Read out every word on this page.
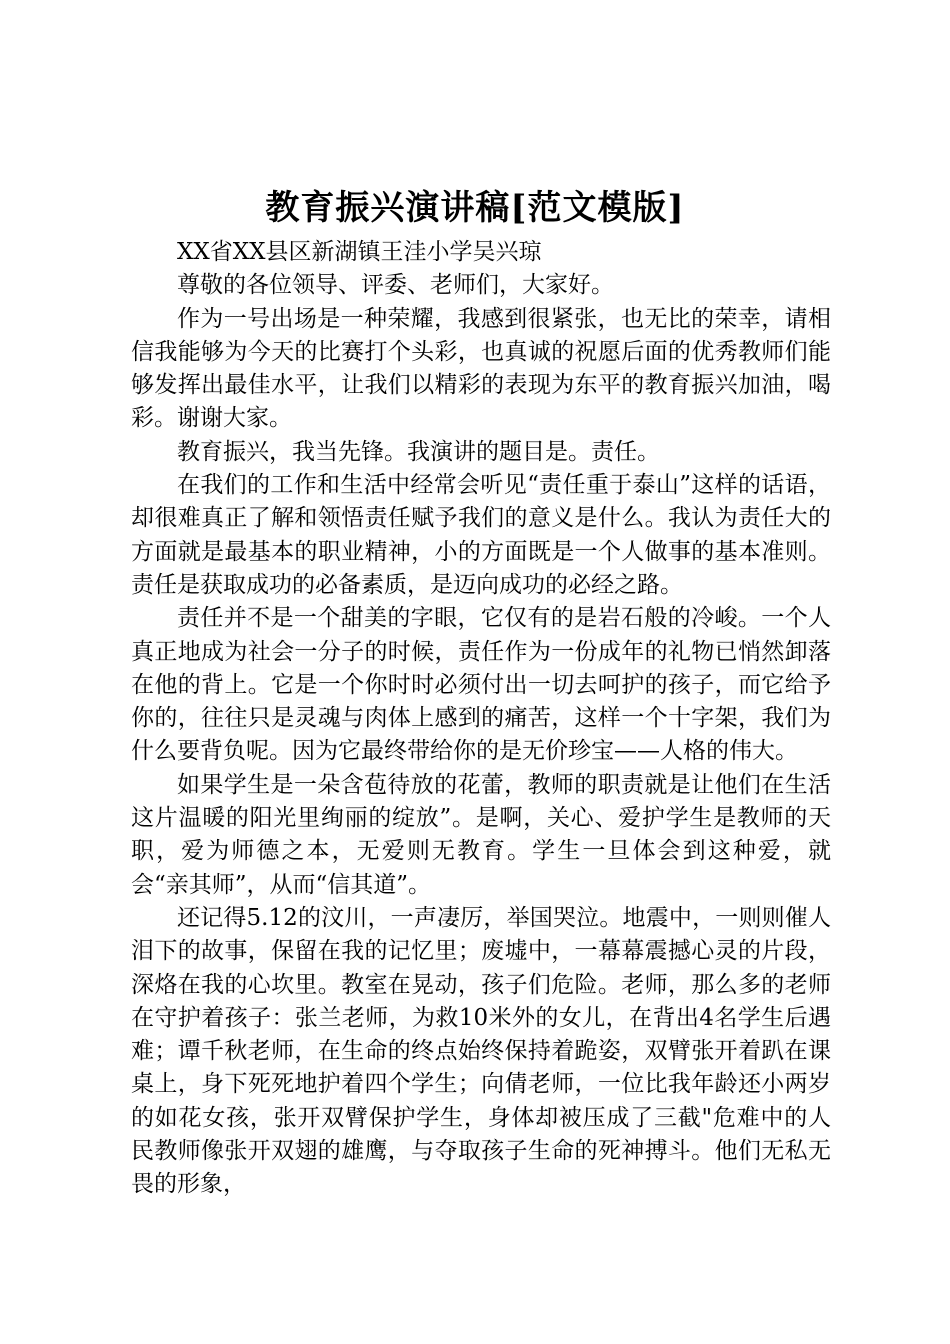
教育振兴演讲稿[范文模版]

XX省XX县区新湖镇王洼小学吴兴琼

尊敬的各位领导、评委、老师们，大家好。

作为一号出场是一种荣耀，我感到很紧张，也无比的荣幸，请相信我能够为今天的比赛打个头彩，也真诚的祝愿后面的优秀教师们能够发挥出最佳水平，让我们以精彩的表现为东平的教育振兴加油，喝彩。谢谢大家。

教育振兴，我当先锋。我演讲的题目是。责任。

在我们的工作和生活中经常会听见“责任重于泰山”这样的话语，却很难真正了解和领悟责任赋予我们的意义是什么。我认为责任大的方面就是最基本的职业精神，小的方面既是一个人做事的基本准则。责任是获取成功的必备素质，是迈向成功的必经之路。

责任并不是一个甜美的字眼，它仅有的是岩石般的冷峻。一个人真正地成为社会一分子的时候，责任作为一份成年的礼物已悄然卸落在他的背上。它是一个你时时必须付出一切去呵护的孩子，而它给予你的，往往只是灵魂与肉体上感到的痛苦，这样一个十字架，我们为什么要背负呢。因为它最终带给你的是无价珍宝——人格的伟大。

如果学生是一朵含苞待放的花蕾，教师的职责就是让他们在生活这片温暖的阳光里绚丽的绽放”。是啊，关心、爱护学生是教师的天职，爱为师德之本，无爱则无教育。学生一旦体会到这种爱，就会“亲其师”，从而“信其道”。

还记得5.12的汶川，一声凄厉，举国哭泣。地震中，一则则催人泪下的故事，保留在我的记忆里；废墟中，一幕幕震撼心灵的片段，深烙在我的心坎里。教室在晃动，孩子们危险。老师，那么多的老师在守护着孩子：张兰老师，为救10米外的女儿，在背出4名学生后遇难；谭千秋老师，在生命的终点始终保持着跪姿，双臂张开着趴在课桌上，身下死死地护着四个学生；向倩老师，一位比我年龄还小两岁的如花女孩，张开双臂保护学生，身体却被压成了三截"危难中的人民教师像张开双翅的雄鹰，与夺取孩子生命的死神搏斗。他们无私无畏的形象，
